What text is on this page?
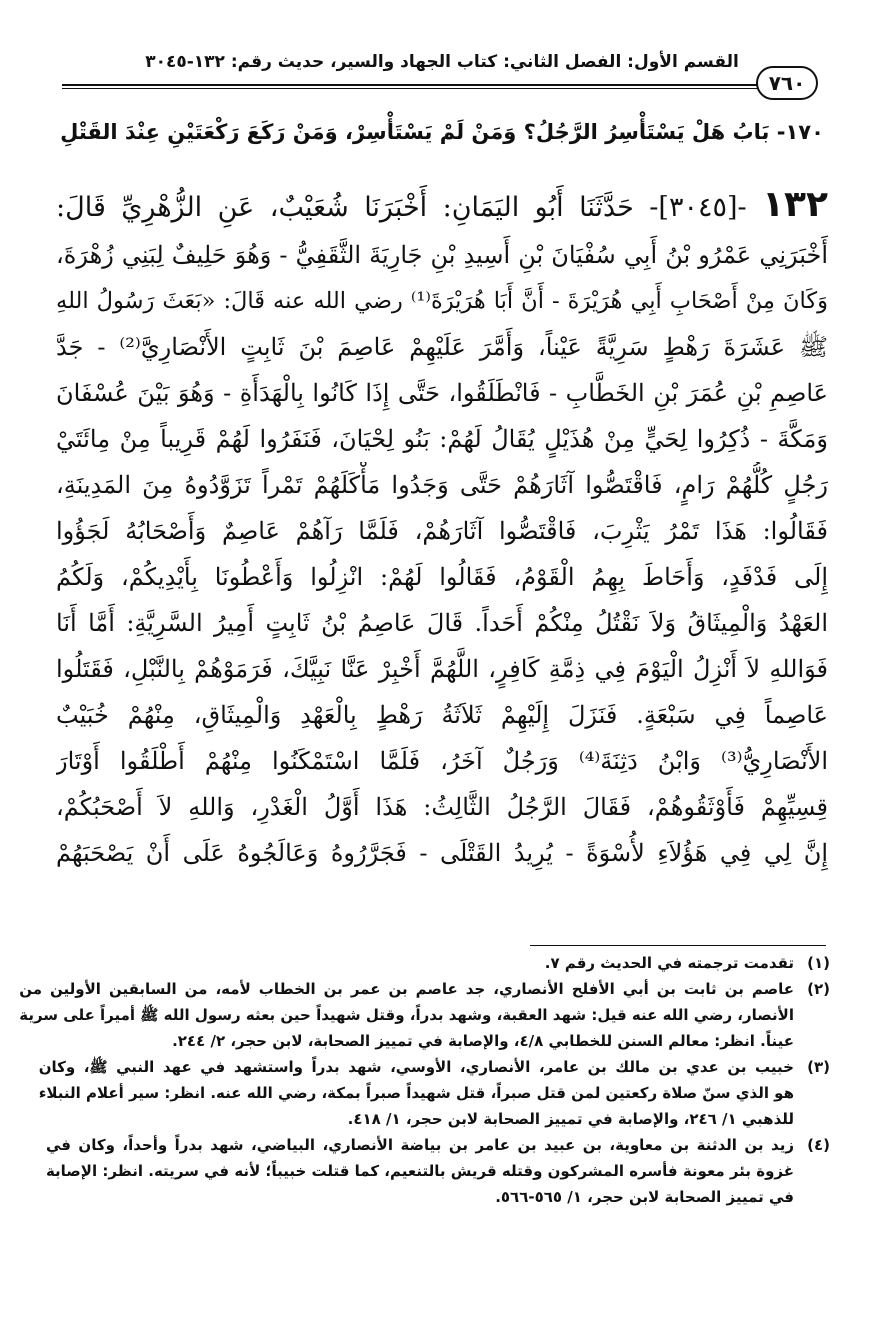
القسم الأول: الفصل الثاني: كتاب الجهاد والسير، حديث رقم: ١٣٢-٣٠٤٥
٧٦٠
١٧٠- بَابُ هَلْ يَسْتَأْسِرُ الرَّجُلُ؟ وَمَنْ لَمْ يَسْتَأْسِرْ، وَمَنْ رَكَعَ رَكْعَتَيْنِ عِنْدَ القَتْلِ
١٣٢ -[٣٠٤٥]- حَدَّثَنَا أَبُو اليَمَانِ: أَخْبَرَنَا شُعَيْبٌ، عَنِ الزُّهْرِيِّ قَالَ:
أَخْبَرَنِي عَمْرُو بْنُ أَبِي سُفْيَانَ بْنِ أَسِيدِ بْنِ جَارِيَةَ الثَّقَفِيُّ - وَهُوَ حَلِيفٌ لِبَنِي زُهْرَةَ،
وَكَانَ مِنْ أَصْحَابِ أَبِي هُرَيْرَةَ - أَنَّ أَبَا هُرَيْرَةَ⁽¹⁾ رضي الله عنه قَالَ: «بَعَثَ رَسُولُ اللهِ
ﷺ عَشَرَةَ رَهْطٍ سَرِيَّةً عَيْناً، وَأَمَّرَ عَلَيْهِمْ عَاصِمَ بْنَ ثَابِتٍ الأَنْصَارِيَّ⁽²⁾ - جَدَّ
عَاصِمِ بْنِ عُمَرَ بْنِ الخَطَّابِ - فَانْطَلَقُوا، حَتَّى إِذَا كَانُوا بِالْهَدَأَةِ - وَهُوَ بَيْنَ عُسْفَانَ
وَمَكَّةَ - ذُكِرُوا لِحَيٍّ مِنْ هُذَيْلٍ يُقَالُ لَهُمْ: بَنُو لِحْيَانَ، فَنَفَرُوا لَهُمْ قَرِيباً مِنْ مِائَتَيْ
رَجُلٍ كُلُّهُمْ رَامٍ، فَاقْتَصُّوا آثَارَهُمْ حَتَّى وَجَدُوا مَأْكَلَهُمْ تَمْراً تَزَوَّدُوهُ مِنَ المَدِينَةِ،
فَقَالُوا: هَذَا تَمْرُ يَثْرِبَ، فَاقْتَصُّوا آثَارَهُمْ، فَلَمَّا رَآهُمْ عَاصِمٌ وَأَصْحَابُهُ لَجَؤُوا
إِلَى فَدْفَدٍ، وَأَحَاطَ بِهِمُ الْقَوْمُ، فَقَالُوا لَهُمْ: انْزِلُوا وَأَعْطُونَا بِأَيْدِيكُمْ، وَلَكُمُ
العَهْدُ وَالْمِيثَاقُ وَلاَ نَقْتُلُ مِنْكُمْ أَحَداً. قَالَ عَاصِمُ بْنُ ثَابِتٍ أَمِيرُ السَّرِيَّةِ: أَمَّا أَنَا
فَوَاللهِ لاَ أَنْزِلُ الْيَوْمَ فِي ذِمَّةِ كَافِرٍ، اللَّهُمَّ أَخْبِرْ عَنَّا نَبِيَّكَ، فَرَمَوْهُمْ بِالنَّبْلِ، فَقَتَلُوا
عَاصِماً فِي سَبْعَةٍ. فَنَزَلَ إِلَيْهِمْ ثَلاَثَةُ رَهْطٍ بِالْعَهْدِ وَالْمِيثَاقِ، مِنْهُمْ خُبَيْبٌ
الأَنْصَارِيُّ⁽³⁾ وَابْنُ دَثِنَةَ⁽⁴⁾ وَرَجُلٌ آخَرُ، فَلَمَّا اسْتَمْكَنُوا مِنْهُمْ أَطْلَقُوا أَوْتَارَ
قِسِيِّهِمْ فَأَوْثَقُوهُمْ، فَقَالَ الرَّجُلُ الثَّالِثُ: هَذَا أَوَّلُ الْغَدْرِ، وَاللهِ لاَ أَصْحَبُكُمْ،
إِنَّ لِي فِي هَؤُلاَءِ لأُسْوَةً - يُرِيدُ القَتْلَى - فَجَرَّرُوهُ وَعَالَجُوهُ عَلَى أَنْ يَصْحَبَهُمْ
(١)
تقدمت ترجمته في الحديث رقم ٧.
(٢)
عاصم بن ثابت بن أبي الأفلح الأنصاري، جد عاصم بن عمر بن الخطاب لأمه، من السابقين الأولين من
الأنصار، رضي الله عنه قيل: شهد العقبة، وشهد بدراً، وقتل شهيداً حين بعثه رسول الله ﷺ أميراً على سرية
عيناً. انظر: معالم السنن للخطابي ٤/٨، والإصابة في تمييز الصحابة، لابن حجر، ٢/ ٢٤٤.
(٣)
خبيب بن عدي بن مالك بن عامر، الأنصاري، الأوسي، شهد بدراً واستشهد في عهد النبي ﷺ، وكان
هو الذي سنّ صلاة ركعتين لمن قتل صبراً، قتل شهيداً صبراً بمكة، رضي الله عنه. انظر: سير أعلام النبلاء
للذهبي ١/ ٢٤٦، والإصابة في تمييز الصحابة لابن حجر، ١/ ٤١٨.
(٤)
زيد بن الدثنة بن معاوية، بن عبيد بن عامر بن بياضة الأنصاري، البياضي، شهد بدراً وأحداً، وكان في
غزوة بئر معونة فأسره المشركون وقتله قريش بالتنعيم، كما قتلت خبيباً؛ لأنه في سريته. انظر: الإصابة
في تمييز الصحابة لابن حجر، ١/ ٥٦٥-٥٦٦.
